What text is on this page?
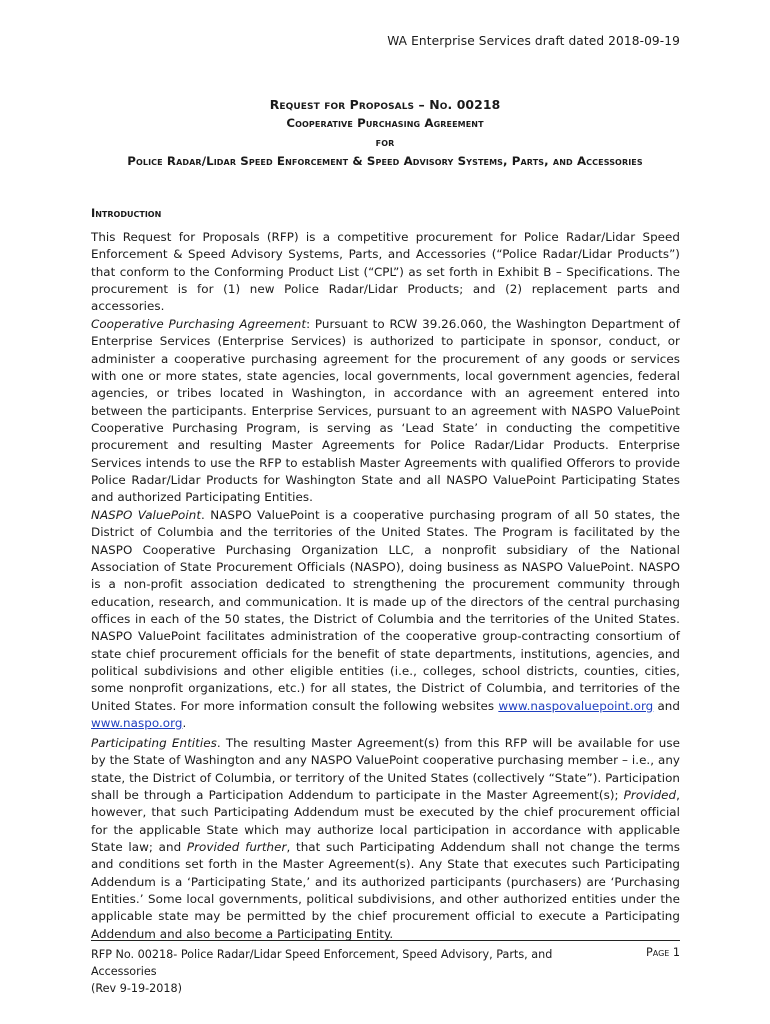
WA Enterprise Services draft dated 2018-09-19
Request for Proposals – No. 00218
Cooperative Purchasing Agreement
for
Police Radar/Lidar Speed Enforcement & Speed Advisory Systems, Parts, and Accessories
Introduction
This Request for Proposals (RFP) is a competitive procurement for Police Radar/Lidar Speed Enforcement & Speed Advisory Systems, Parts, and Accessories (“Police Radar/Lidar Products”) that conform to the Conforming Product List (“CPL”) as set forth in Exhibit B – Specifications. The procurement is for (1) new Police Radar/Lidar Products; and (2) replacement parts and accessories.
Cooperative Purchasing Agreement: Pursuant to RCW 39.26.060, the Washington Department of Enterprise Services (Enterprise Services) is authorized to participate in sponsor, conduct, or administer a cooperative purchasing agreement for the procurement of any goods or services with one or more states, state agencies, local governments, local government agencies, federal agencies, or tribes located in Washington, in accordance with an agreement entered into between the participants. Enterprise Services, pursuant to an agreement with NASPO ValuePoint Cooperative Purchasing Program, is serving as ‘Lead State’ in conducting the competitive procurement and resulting Master Agreements for Police Radar/Lidar Products. Enterprise Services intends to use the RFP to establish Master Agreements with qualified Offerors to provide Police Radar/Lidar Products for Washington State and all NASPO ValuePoint Participating States and authorized Participating Entities.
NASPO ValuePoint. NASPO ValuePoint is a cooperative purchasing program of all 50 states, the District of Columbia and the territories of the United States. The Program is facilitated by the NASPO Cooperative Purchasing Organization LLC, a nonprofit subsidiary of the National Association of State Procurement Officials (NASPO), doing business as NASPO ValuePoint. NASPO is a non-profit association dedicated to strengthening the procurement community through education, research, and communication. It is made up of the directors of the central purchasing offices in each of the 50 states, the District of Columbia and the territories of the United States. NASPO ValuePoint facilitates administration of the cooperative group-contracting consortium of state chief procurement officials for the benefit of state departments, institutions, agencies, and political subdivisions and other eligible entities (i.e., colleges, school districts, counties, cities, some nonprofit organizations, etc.) for all states, the District of Columbia, and territories of the United States. For more information consult the following websites www.naspovaluepoint.org and www.naspo.org.
Participating Entities. The resulting Master Agreement(s) from this RFP will be available for use by the State of Washington and any NASPO ValuePoint cooperative purchasing member – i.e., any state, the District of Columbia, or territory of the United States (collectively “State”). Participation shall be through a Participation Addendum to participate in the Master Agreement(s); Provided, however, that such Participating Addendum must be executed by the chief procurement official for the applicable State which may authorize local participation in accordance with applicable State law; and Provided further, that such Participating Addendum shall not change the terms and conditions set forth in the Master Agreement(s). Any State that executes such Participating Addendum is a ‘Participating State,’ and its authorized participants (purchasers) are ‘Purchasing Entities.’ Some local governments, political subdivisions, and other authorized entities under the applicable state may be permitted by the chief procurement official to execute a Participating Addendum and also become a Participating Entity.
RFP No. 00218- Police Radar/Lidar Speed Enforcement, Speed Advisory, Parts, and Accessories
(Rev 9-19-2018)
Page 1
